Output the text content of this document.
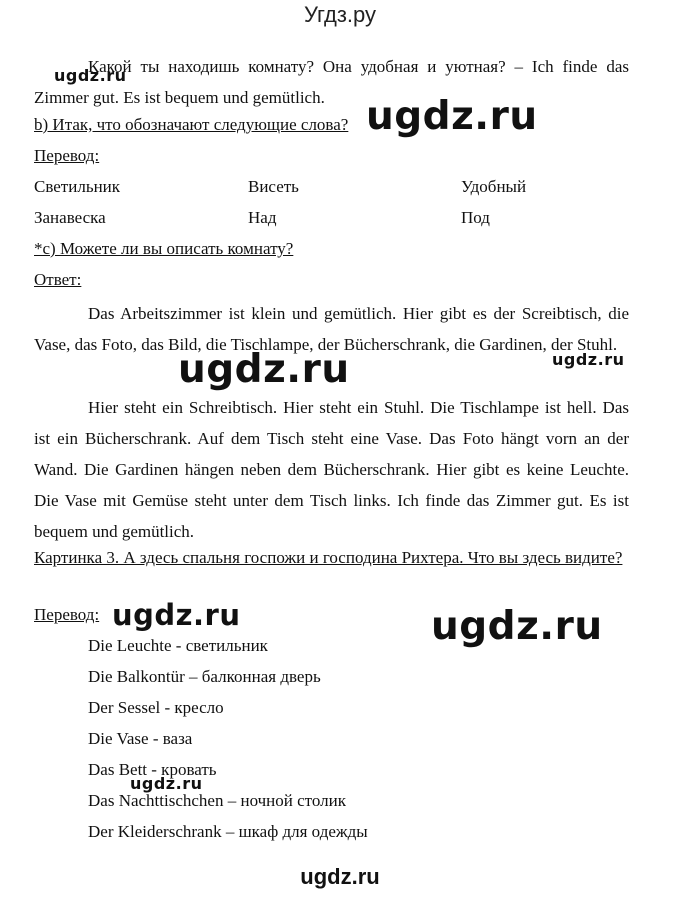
Угдз.ру
Какой ты находишь комнату? Она удобная и уютная? – Ich finde das Zimmer gut. Es ist bequem und gemütlich.
b) Итак, что обозначают следующие слова?
Перевод:
Светильник	Висеть	Удобный
Занавеска	Над	Под
*c) Можете ли вы описать комнату?
Ответ:
Das Arbeitszimmer ist klein und gemütlich. Hier gibt es der Screibtisch, die Vase, das Foto, das Bild, die Tischlampe, der Bücherschrank, die Gardinen, der Stuhl.
Hier steht ein Schreibtisch. Hier steht ein Stuhl. Die Tischlampe ist hell. Das ist ein Bücherschrank. Auf dem Tisch steht eine Vase. Das Foto hängt vorn an der Wand. Die Gardinen hängen neben dem Bücherschrank. Hier gibt es keine Leuchte. Die Vase mit Gemüse steht unter dem Tisch links. Ich finde das Zimmer gut. Es ist bequem und gemütlich.
Картинка 3. А здесь спальня госпожи и господина Рихтера. Что вы здесь видите?
Перевод:
Die Leuchte - светильник
Die Balkontür – балконная дверь
Der Sessel - кресло
Die Vase - ваза
Das Bett - кровать
Das Nachttischchen – ночной столик
Der Kleiderschrank – шкаф для одежды
ugdz.ru
ugdz.ru
ugdz.ru	ugdz.ru
ugdz.ru	ugdz.ru
ugdz.ru
ugdz.ru
